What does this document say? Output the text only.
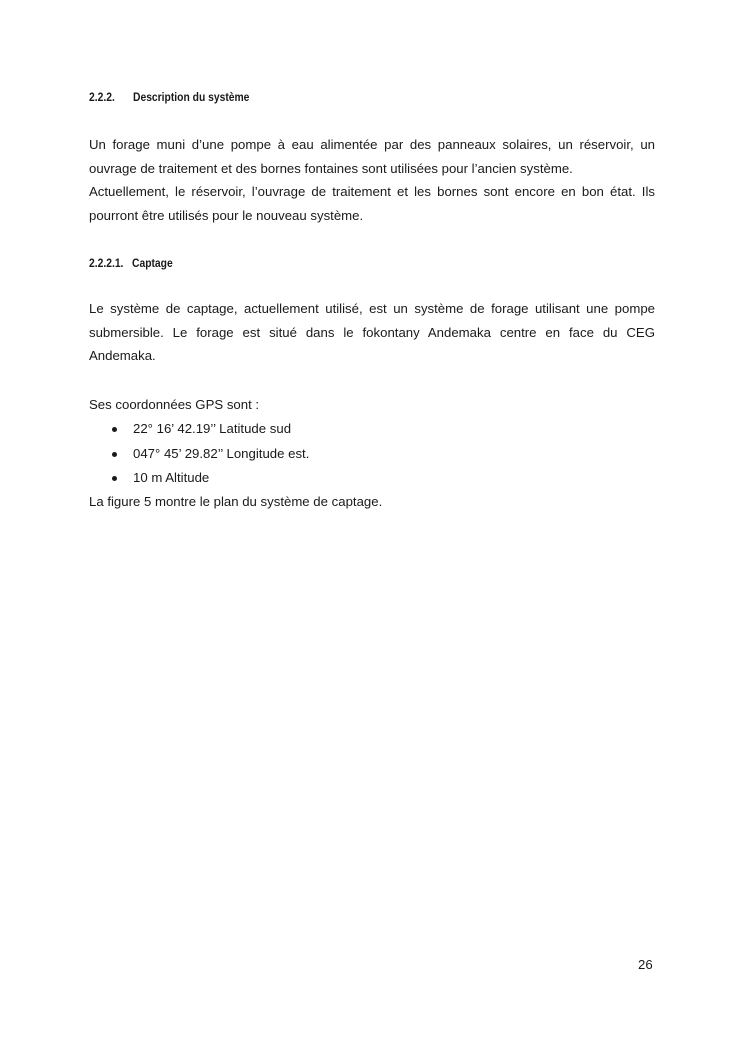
2.2.2. Description du système

Un forage muni d’une pompe à eau alimentée par des panneaux solaires, un réservoir, un
ouvrage de traitement et des bornes fontaines sont utilisées pour l’ancien système.
Actuellement, le réservoir, l’ouvrage de traitement et les bornes sont encore en bon état. Ils
pourront être utilisés pour le nouveau système.

2.2.2.1. Captage

Le système de captage, actuellement utilisé, est un système de forage utilisant une pompe
submersible. Le forage est situé dans le fokontany Andemaka centre en face du CEG
Andemaka.

Ses coordonnées GPS sont :

22° 16’ 42.19’’ Latitude sud
047° 45’ 29.82’’ Longitude est.
10 m Altitude

La figure 5 montre le plan du système de captage.

26
